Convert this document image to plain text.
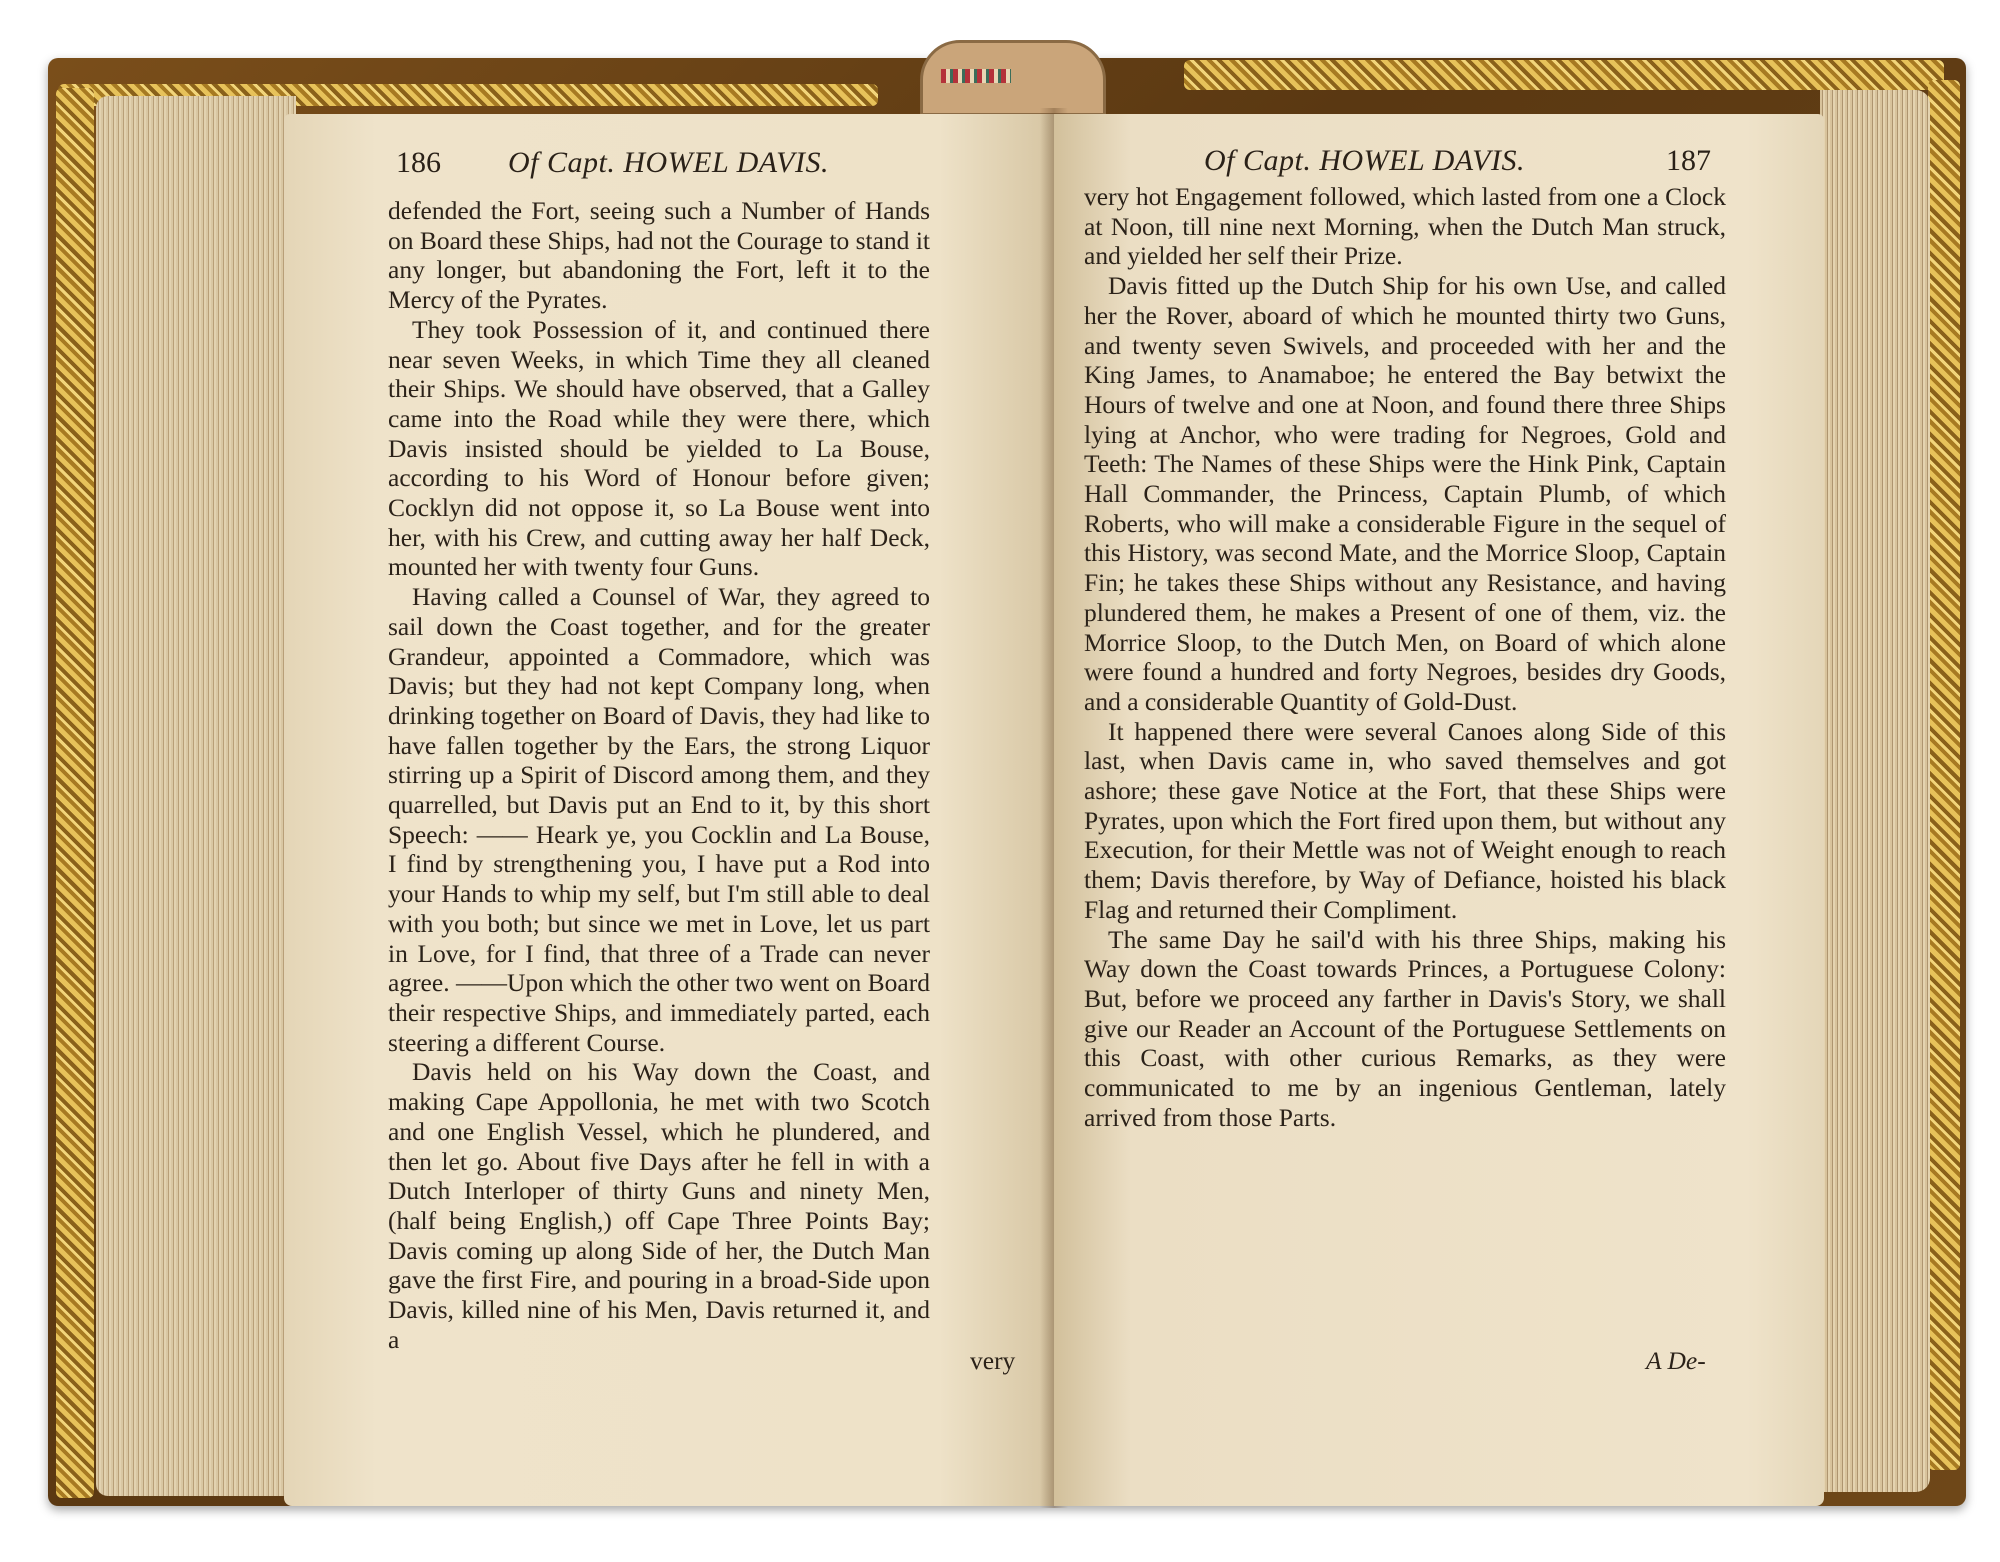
186 Of Capt. HOWEL DAVIS.

defended the Fort, seeing such a Number of Hands on Board these Ships, had not the Courage to stand it any longer, but abandoning the Fort, left it to the Mercy of the Pyrates.

They took Possession of it, and continued there near seven Weeks, in which Time they all cleaned their Ships. We should have observed, that a Galley came into the Road while they were there, which Davis insisted should be yielded to La Bouse, according to his Word of Honour before given; Cocklyn did not oppose it, so La Bouse went into her, with his Crew, and cutting away her half Deck, mounted her with twenty four Guns.

Having called a Counsel of War, they agreed to sail down the Coast together, and for the greater Grandeur, appointed a Commadore, which was Davis; but they had not kept Company long, when drinking together on Board of Davis, they had like to have fallen together by the Ears, the strong Liquor stirring up a Spirit of Discord among them, and they quarrelled, but Davis put an End to it, by this short Speech: —— Heark ye, you Cocklin and La Bouse, I find by strengthening you, I have put a Rod into your Hands to whip my self, but I'm still able to deal with you both; but since we met in Love, let us part in Love, for I find, that three of a Trade can never agree. ——Upon which the other two went on Board their respective Ships, and immediately parted, each steering a different Course.

Davis held on his Way down the Coast, and making Cape Appollonia, he met with two Scotch and one English Vessel, which he plundered, and then let go. About five Days after he fell in with a Dutch Interloper of thirty Guns and ninety Men, (half being English,) off Cape Three Points Bay; Davis coming up along Side of her, the Dutch Man gave the first Fire, and pouring in a broad-Side upon Davis, killed nine of his Men, Davis returned it, and a

very
Of Capt. HOWEL DAVIS.	187

very hot Engagement followed, which lasted from one a Clock at Noon, till nine next Morning, when the Dutch Man struck, and yielded her self their Prize.

Davis fitted up the Dutch Ship for his own Use, and called her the Rover, aboard of which he mounted thirty two Guns, and twenty seven Swivels, and proceeded with her and the King James, to Anamaboe; he entered the Bay betwixt the Hours of twelve and one at Noon, and found there three Ships lying at Anchor, who were trading for Negroes, Gold and Teeth: The Names of these Ships were the Hink Pink, Captain Hall Commander, the Princess, Captain Plumb, of which Roberts, who will make a considerable Figure in the sequel of this History, was second Mate, and the Morrice Sloop, Captain Fin; he takes these Ships without any Resistance, and having plundered them, he makes a Present of one of them, viz. the Morrice Sloop, to the Dutch Men, on Board of which alone were found a hundred and forty Negroes, besides dry Goods, and a considerable Quantity of Gold-Dust.

It happened there were several Canoes along Side of this last, when Davis came in, who saved themselves and got ashore; these gave Notice at the Fort, that these Ships were Pyrates, upon which the Fort fired upon them, but without any Execution, for their Mettle was not of Weight enough to reach them; Davis therefore, by Way of Defiance, hoisted his black Flag and returned their Compliment.

The same Day he sail'd with his three Ships, making his Way down the Coast towards Princes, a Portuguese Colony: But, before we proceed any farther in Davis's Story, we shall give our Reader an Account of the Portuguese Settlements on this Coast, with other curious Remarks, as they were communicated to me by an ingenious Gentleman, lately arrived from those Parts.

A De-
